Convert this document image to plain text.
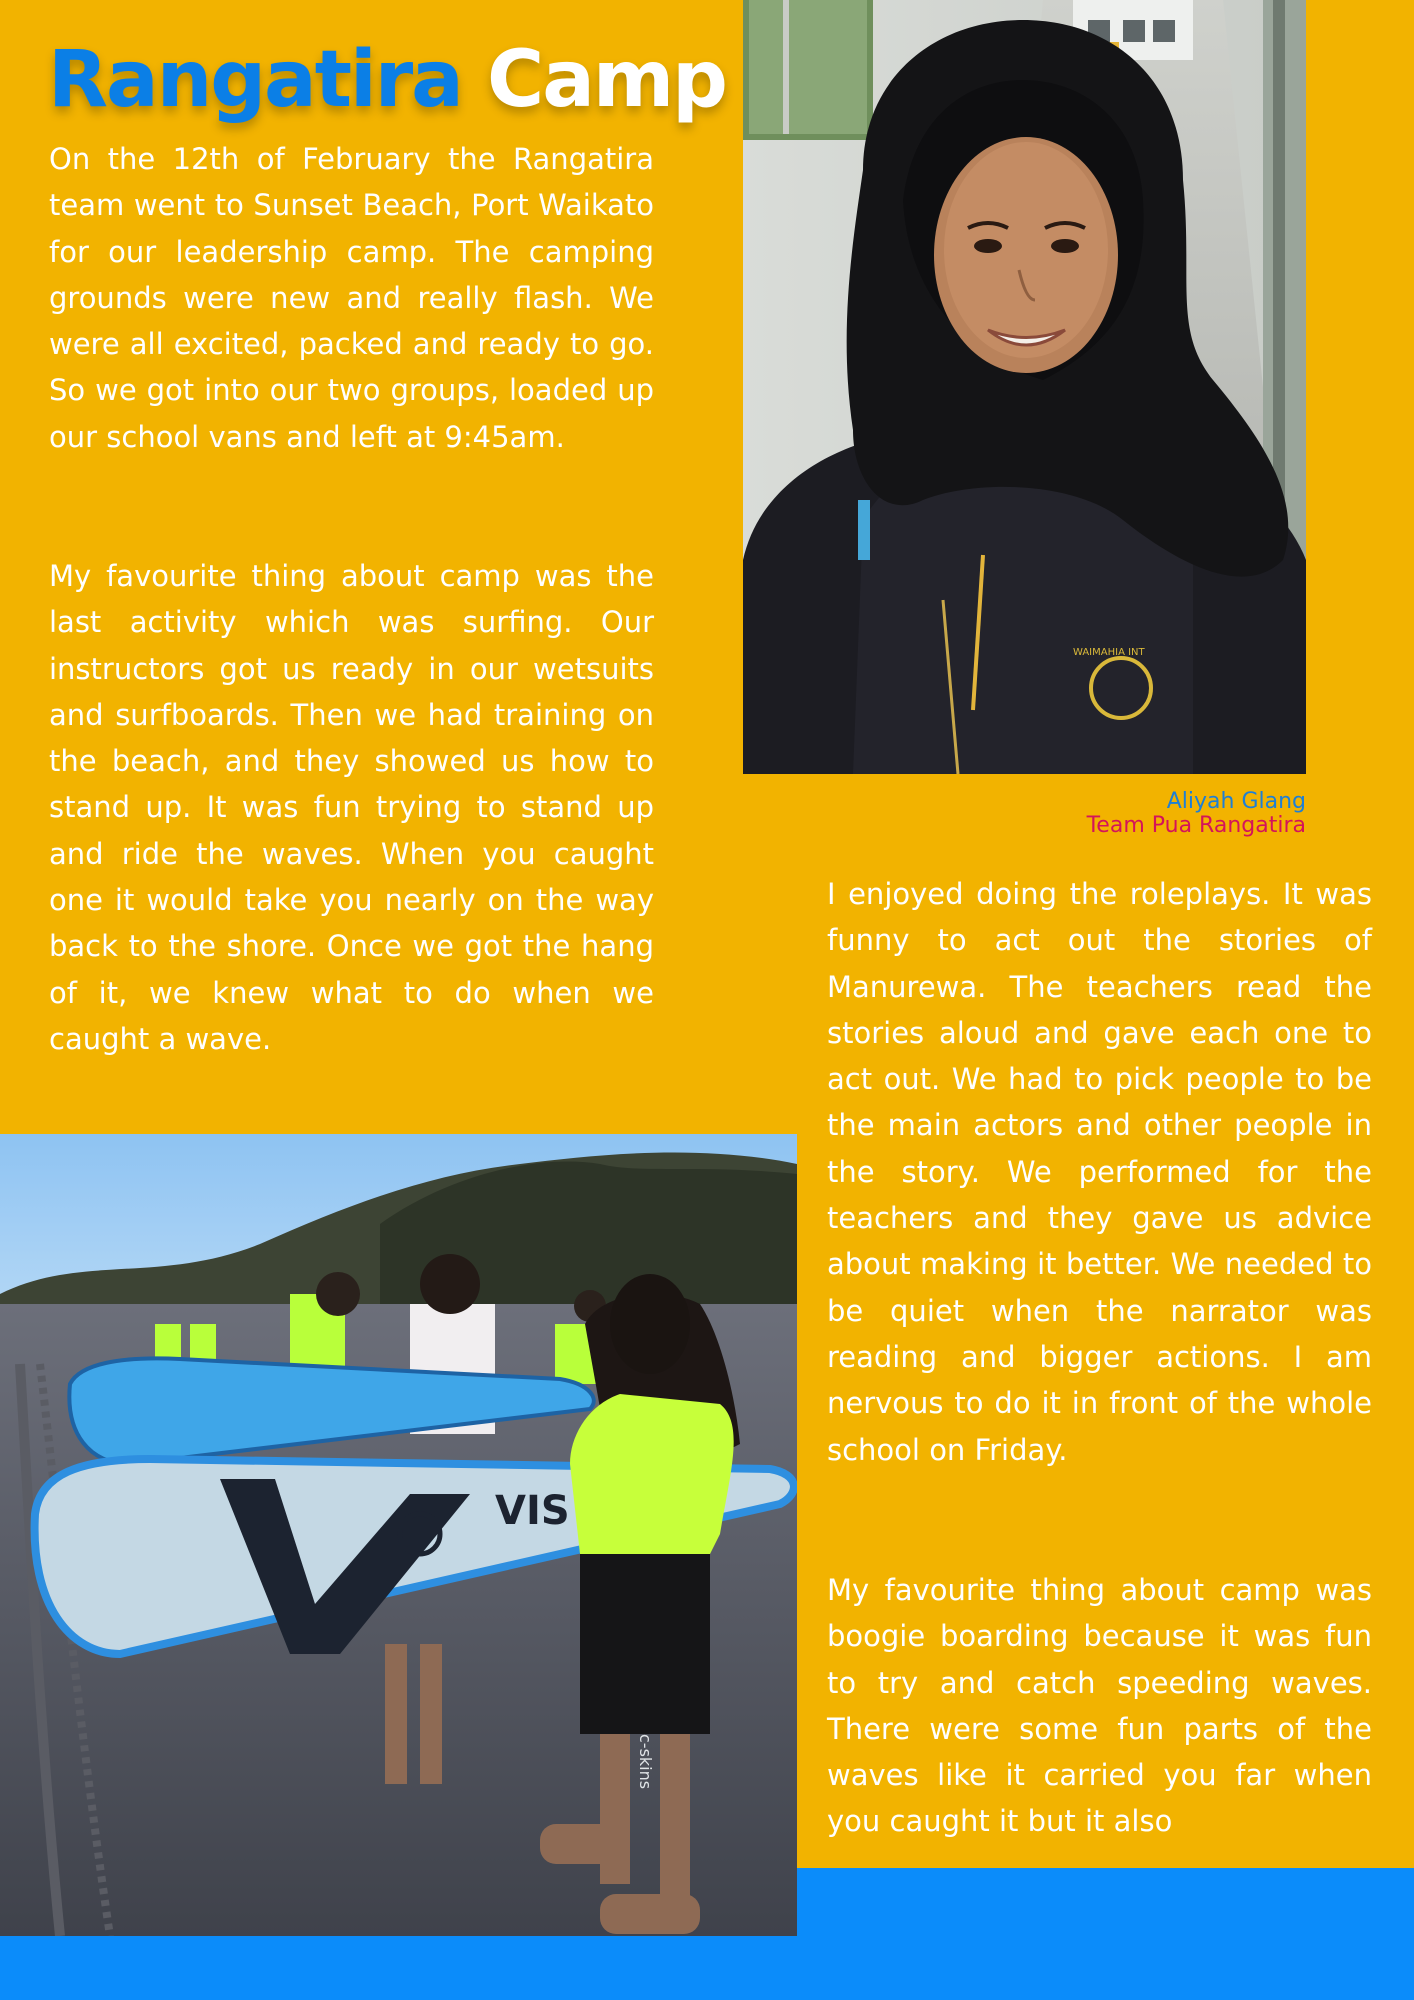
Rangatira Camp

On the 12th of February the Rangatira team went to Sunset Beach, Port Waikato for our leadership camp. The camping grounds were new and really flash. We were all excited, packed and ready to go. So we got into our two groups, loaded up our school vans and left at 9:45am.

My favourite thing about camp was the last activity which was surfing. Our instructors got us ready in our wetsuits and surfboards. Then we had training on the beach, and they showed us how to stand up. It was fun trying to stand up and ride the waves. When you caught one it would take you nearly on the way back to the shore. Once we got the hang of it, we knew what to do when we caught a wave.

I enjoyed doing the roleplays. It was funny to act out the stories of Manurewa. The teachers read the stories aloud and gave each one to act out. We had to pick people to be the main actors and other people in the story. We performed for the teachers and they gave us advice about making it better. We needed to be quiet when the narrator was reading and bigger actions. I am nervous to do it in front of the whole school on Friday.

My favourite thing about camp was boogie boarding because it was fun to try and catch speeding waves. There were some fun parts of the waves like it carried you far when you caught it but it also

WAIMAHIA INT
Aliyah Glang
Team Pua Rangatira
VIS
c-skins
